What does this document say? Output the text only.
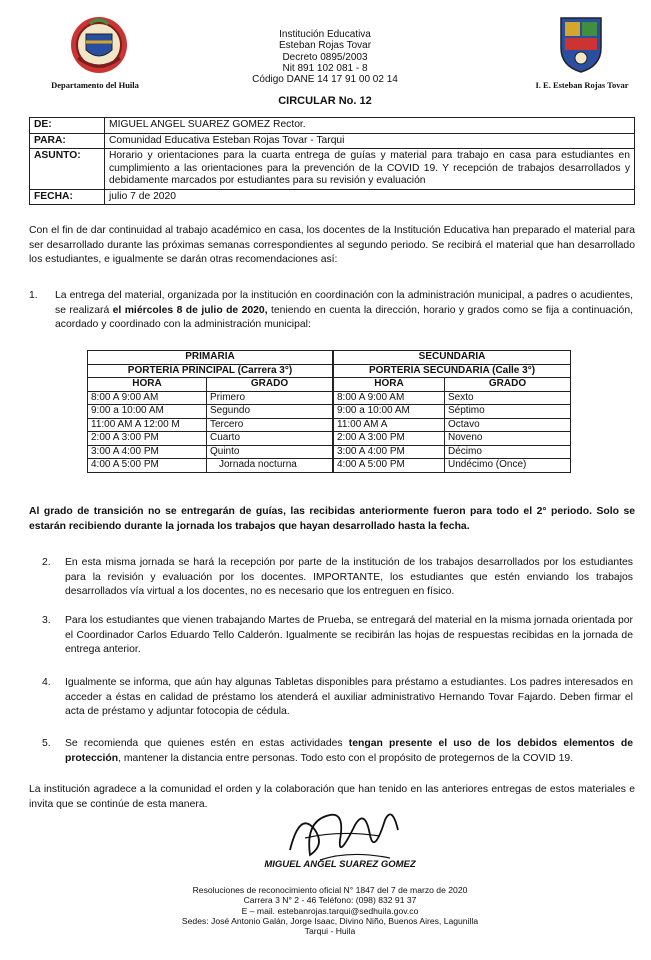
Departamento del Huila
Institución Educativa
Esteban Rojas Tovar
Decreto 0895/2003
Nit 891 102 081 - 8
Código DANE 14 17 91 00 02 14
CIRCULAR No. 12
I. E. Esteban Rojas Tovar
DE:	MIGUEL ANGEL SUAREZ GOMEZ Rector.
PARA:	Comunidad Educativa Esteban Rojas Tovar - Tarqui
ASUNTO:	Horario y orientaciones para la cuarta entrega de guías y material para trabajo en casa para estudiantes en cumplimiento a las orientaciones para la prevención de la COVID 19. Y recepción de trabajos desarrollados y debidamente marcados por estudiantes para su revisión y evaluación
FECHA:	julio 7 de 2020
Con el fin de dar continuidad al trabajo académico en casa, los docentes de la Institución Educativa han preparado el material para ser desarrollado durante las próximas semanas correspondientes al segundo periodo. Se recibirá el material que han desarrollado los estudiantes, e igualmente se darán otras recomendaciones así:
1. La entrega del material, organizada por la institución en coordinación con la administración municipal, a padres o acudientes, se realizará el miércoles 8 de julio de 2020, teniendo en cuenta la dirección, horario y grados como se fija a continuación, acordado y coordinado con la administración municipal:
PRIMARIA	
PORTERÍA PRINCIPAL (Carrera 3°)	
HORA	GRADO
8:00 A 9:00 AM	Primero
9:00 a 10:00 AM	Segundo
11:00 AM A 12:00 M	Tercero
2:00 A 3:00 PM	Cuarto
3:00 A 4:00 PM	Quinto
4:00 A 5:00 PM	Jornada nocturna
SECUNDARIA	
PORTERÍA SECUNDARIA (Calle 3°)	
HORA	GRADO
8:00 A 9:00 AM	Sexto
9:00 a 10:00 AM	Séptimo
11:00 AM A	Octavo
2:00 A 3:00 PM	Noveno
3:00 A 4:00 PM	Décimo
4:00 A 5:00 PM	Undécimo (Once)
Al grado de transición no se entregarán de guías, las recibidas anteriormente fueron para todo el 2° periodo. Solo se estarán recibiendo durante la jornada los trabajos que hayan desarrollado hasta la fecha.
2. En esta misma jornada se hará la recepción por parte de la institución de los trabajos desarrollados por los estudiantes para la revisión y evaluación por los docentes. IMPORTANTE, los estudiantes que estén enviando los trabajos desarrollados vía virtual a los docentes, no es necesario que los entreguen en físico.
3. Para los estudiantes que vienen trabajando Martes de Prueba, se entregará del material en la misma jornada orientada por el Coordinador Carlos Eduardo Tello Calderón. Igualmente se recibirán las hojas de respuestas recibidas en la jornada de entrega anterior.
4. Igualmente se informa, que aún hay algunas Tabletas disponibles para préstamo a estudiantes. Los padres interesados en acceder a éstas en calidad de préstamo los atenderá el auxiliar administrativo Hernando Tovar Fajardo. Deben firmar el acta de préstamo y adjuntar fotocopia de cédula.
5. Se recomienda que quienes estén en estas actividades tengan presente el uso de los debidos elementos de protección, mantener la distancia entre personas. Todo esto con el propósito de protegernos de la COVID 19.
La institución agradece a la comunidad el orden y la colaboración que han tenido en las anteriores entregas de estos materiales e invita que se continúe de esta manera.
MIGUEL ANGEL SUAREZ GOMEZ
Resoluciones de reconocimiento oficial N° 1847 del 7 de marzo de 2020
Carrera 3 N° 2 - 46 Teléfono: (098) 832 91 37
E – mail. estebanrojas.tarqui@sedhuila.gov.co
Sedes: José Antonio Galán, Jorge Isaac, Divino Niño, Buenos Aires, Lagunilla
Tarqui - Huila
